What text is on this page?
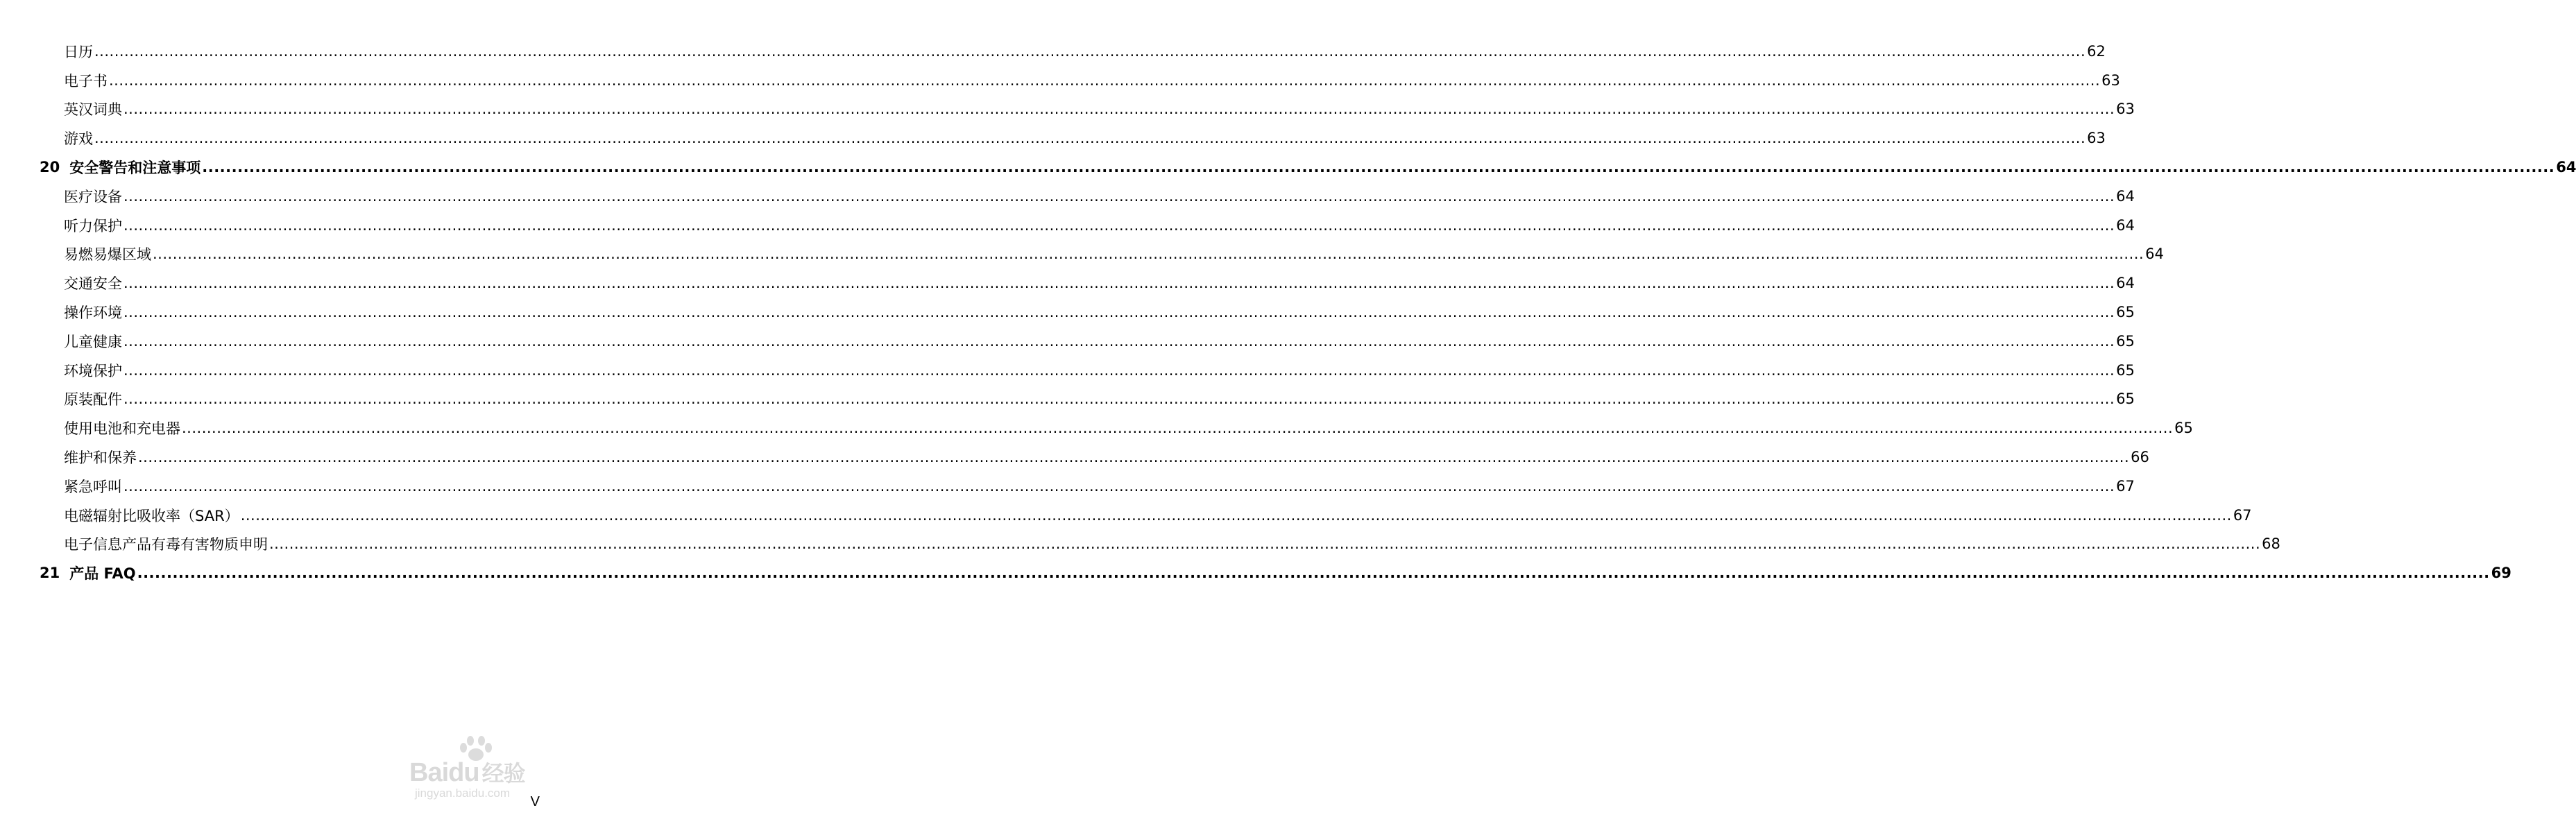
日历 ................................................................................................................................................................................................................................................................................................................................................................................................................ 62
电子书 ................................................................................................................................................................................................................................................................................................................................................................................................................ 63
英汉词典 ................................................................................................................................................................................................................................................................................................................................................................................................................ 63
游戏 ................................................................................................................................................................................................................................................................................................................................................................................................................ 63
20 安全警告和注意事项 ................................................................................................................................................................................................................................................................................................................................................................................................................ 64
医疗设备 ................................................................................................................................................................................................................................................................................................................................................................................................................ 64
听力保护 ................................................................................................................................................................................................................................................................................................................................................................................................................ 64
易燃易爆区域 ................................................................................................................................................................................................................................................................................................................................................................................................................ 64
交通安全 ................................................................................................................................................................................................................................................................................................................................................................................................................ 64
操作环境 ................................................................................................................................................................................................................................................................................................................................................................................................................ 65
儿童健康 ................................................................................................................................................................................................................................................................................................................................................................................................................ 65
环境保护 ................................................................................................................................................................................................................................................................................................................................................................................................................ 65
原装配件 ................................................................................................................................................................................................................................................................................................................................................................................................................ 65
使用电池和充电器 ................................................................................................................................................................................................................................................................................................................................................................................................................ 65
维护和保养 ................................................................................................................................................................................................................................................................................................................................................................................................................ 66
紧急呼叫 ................................................................................................................................................................................................................................................................................................................................................................................................................ 67
电磁辐射比吸收率（SAR） ................................................................................................................................................................................................................................................................................................................................................................................................................ 67
电子信息产品有毒有害物质申明 ................................................................................................................................................................................................................................................................................................................................................................................................................ 68
21 产品 FAQ ................................................................................................................................................................................................................................................................................................................................................................................................................ 69
Baidu 经验
jingyan.baidu.com
V
